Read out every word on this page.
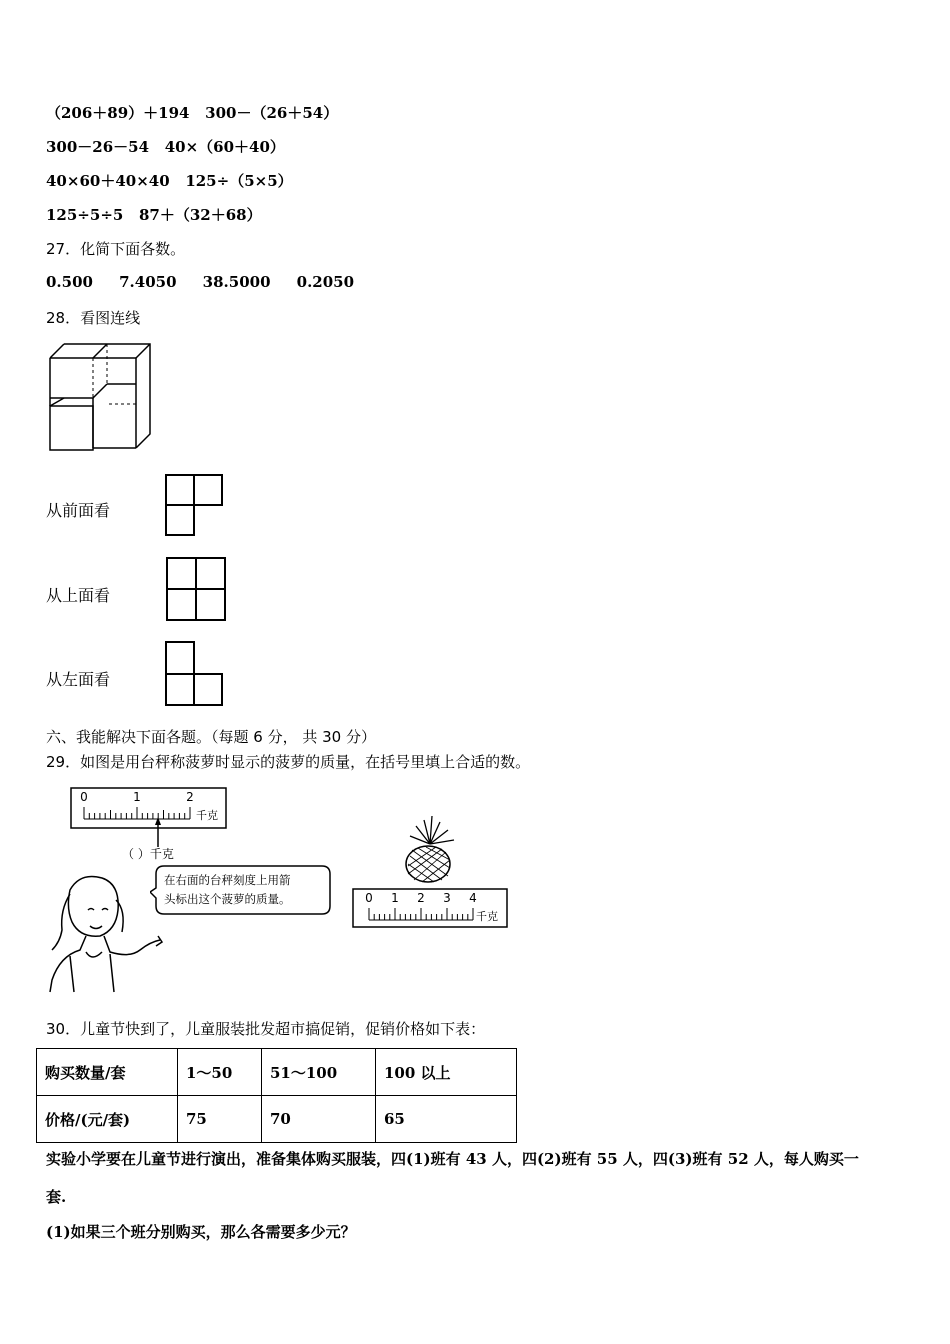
（206＋89）＋194 300－（26＋54）
300－26－54 40×（60＋40）
40×60＋40×40 125÷（5×5）
125÷5÷5 87＋（32＋68）
27．化简下面各数。
0.500 7.4050 38.5000 0.2050
28．看图连线
从前面看
从上面看
从左面看
六、我能解决下面各题。（每题 6 分， 共 30 分）
29．如图是用台秤称菠萝时显示的菠萝的质量，在括号里填上合适的数。
0	1	2
千克
（ ）千克
在右面的台秤刻度上用箭
头标出这个菠萝的质量。	0 1 2 3 4
千克
30．儿童节快到了，儿童服装批发超市搞促销，促销价格如下表：
购买数量/套	1～50	51～100	100 以上
价格/(元/套)	75	70	65
实验小学要在儿童节进行演出，准备集体购买服装，四(1)班有 43 人，四(2)班有 55 人，四(3)班有 52 人，每人购买一
套.
(1)如果三个班分别购买，那么各需要多少元？
